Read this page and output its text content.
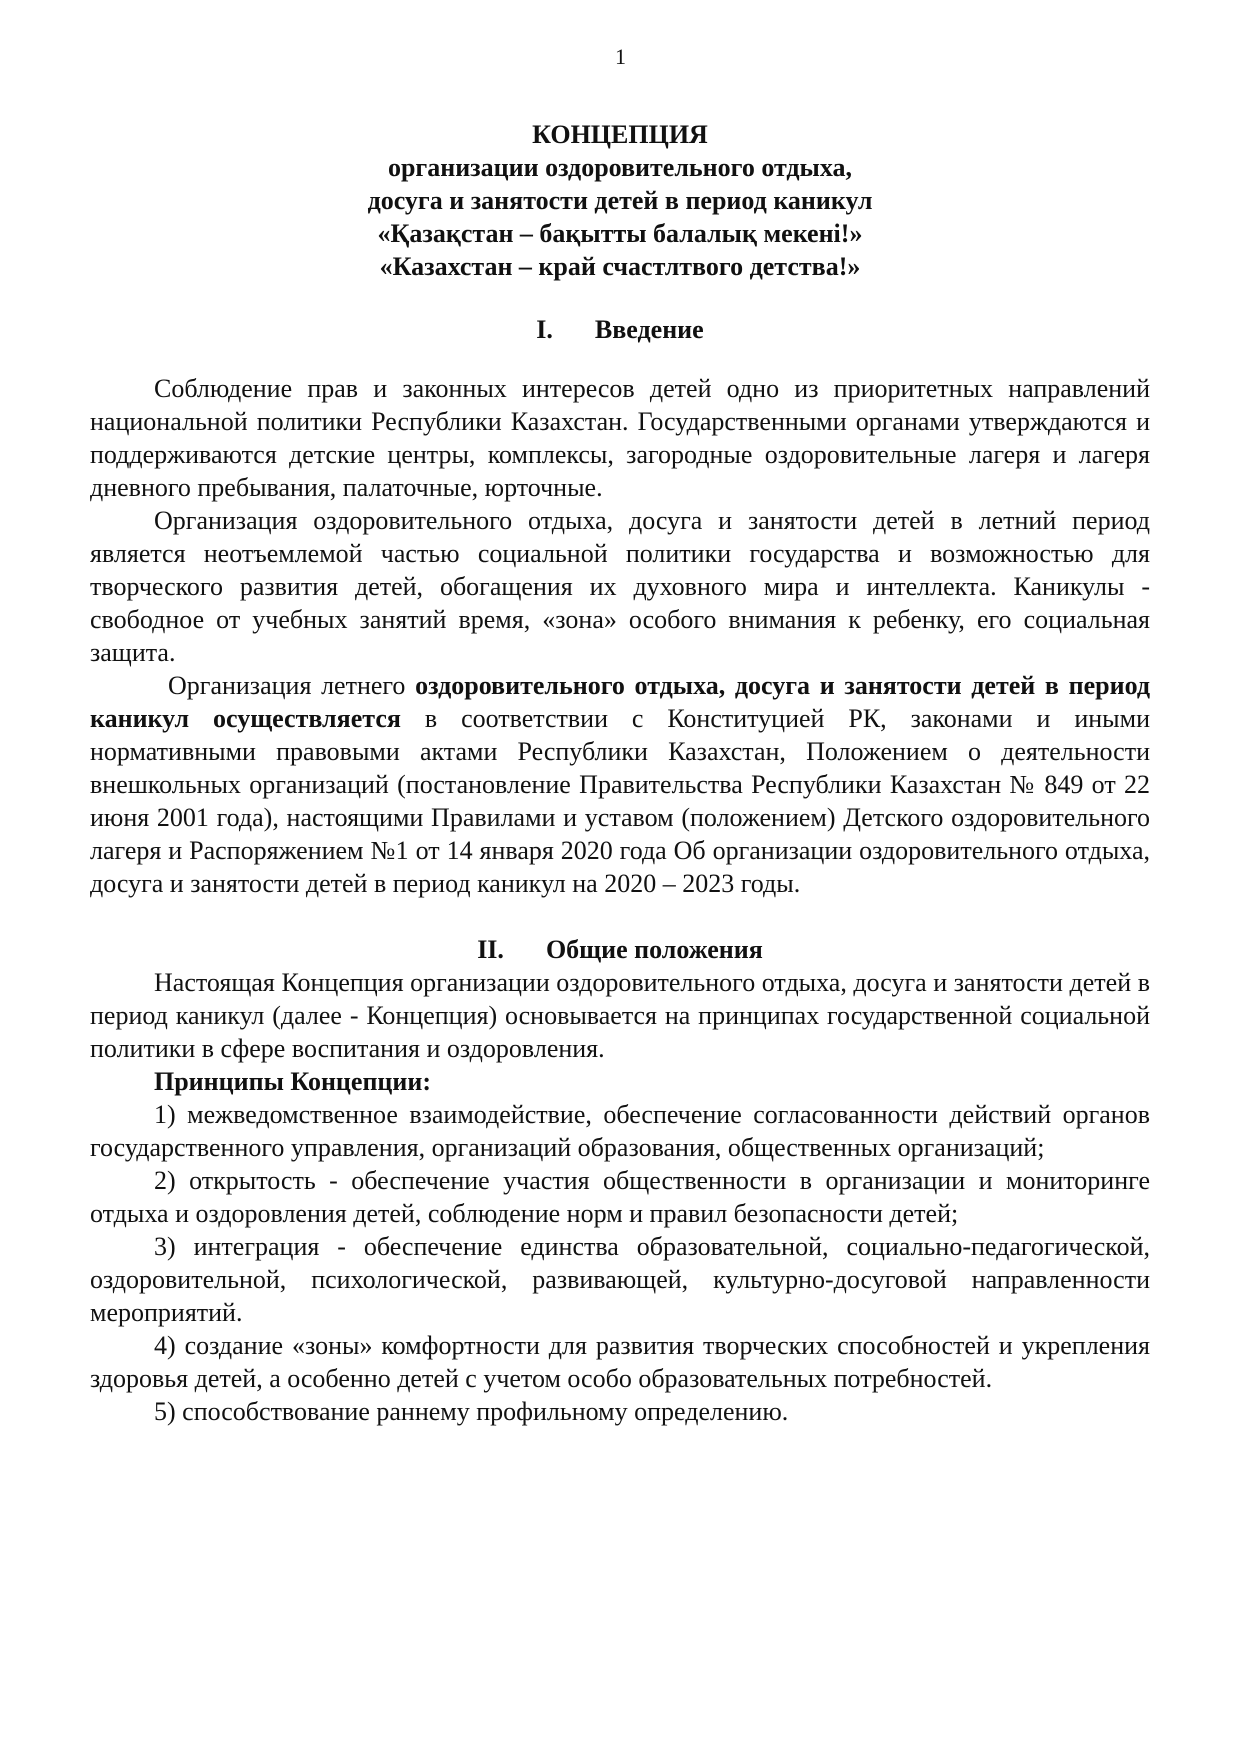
1
КОНЦЕПЦИЯ
организации оздоровительного отдыха,
досуга и занятости детей в период каникул
«Қазақстан – бақытты балалық мекені!»
«Казахстан – край счастлтвого детства!»
I. Введение

Соблюдение прав и законных интересов детей одно из приоритетных направлений национальной политики Республики Казахстан. Государственными органами утверждаются и поддерживаются детские центры, комплексы, загородные оздоровительные лагеря и лагеря дневного пребывания, палаточные, юрточные.

Организация оздоровительного отдыха, досуга и занятости детей в летний период является неотъемлемой частью социальной политики государства и возможностью для творческого развития детей, обогащения их духовного мира и интеллекта. Каникулы - свободное от учебных занятий время, «зона» особого внимания к ребенку, его социальная защита.

Организация летнего оздоровительного отдыха, досуга и занятости детей в период каникул осуществляется в соответствии с Конституцией РК, законами и иными нормативными правовыми актами Республики Казахстан, Положением о деятельности внешкольных организаций (постановление Правительства Республики Казахстан № 849 от 22 июня 2001 года), настоящими Правилами и уставом (положением) Детского оздоровительного лагеря и Распоряжением №1 от 14 января 2020 года Об организации оздоровительного отдыха, досуга и занятости детей в период каникул на 2020 – 2023 годы.

II. Общие положения

Настоящая Концепция организации оздоровительного отдыха, досуга и занятости детей в период каникул (далее - Концепция) основывается на принципах государственной социальной политики в сфере воспитания и оздоровления.

Принципы Концепции:

1) межведомственное взаимодействие, обеспечение согласованности действий органов государственного управления, организаций образования, общественных организаций;

2) открытость - обеспечение участия общественности в организации и мониторинге отдыха и оздоровления детей, соблюдение норм и правил безопасности детей;

3) интеграция - обеспечение единства образовательной, социально-педагогической, оздоровительной, психологической, развивающей, культурно-досуговой направленности мероприятий.

4) создание «зоны» комфортности для развития творческих способностей и укрепления здоровья детей, а особенно детей с учетом особо образовательных потребностей.

5) способствование раннему профильному определению.
